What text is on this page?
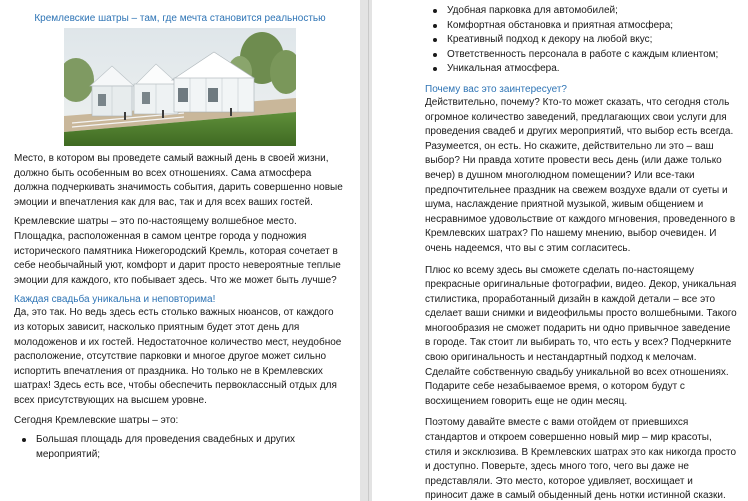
Кремлевские шатры – там, где мечта становится реальностью

Место, в котором вы проведете самый важный день в своей жизни, должно быть особенным во всех отношениях. Сама атмосфера должна подчеркивать значимость события, дарить совершенно новые эмоции и впечатления как для вас, так и для всех ваших гостей.

Кремлевские шатры – это по-настоящему волшебное место. Площадка, расположенная в самом центре города у подножия исторического памятника Нижегородский Кремль, которая сочетает в себе необычайный уют, комфорт и дарит просто невероятные теплые эмоции для каждого, кто побывает здесь. Что же может быть лучше?

Каждая свадьба уникальна и неповторима!

Да, это так. Но ведь здесь есть столько важных нюансов, от каждого из которых зависит, насколько приятным будет этот день для молодоженов и их гостей. Недостаточное количество мест, неудобное расположение, отсутствие парковки и многое другое может сильно испортить впечатления от праздника. Но только не в Кремлевских шатрах! Здесь есть все, чтобы обеспечить первоклассный отдых для всех присутствующих на высшем уровне.

Сегодня Кремлевские шатры – это:

Большая площадь для проведения свадебных и других мероприятий;
Удобная парковка для автомобилей;
Комфортная обстановка и приятная атмосфера;
Креативный подход к декору на любой вкус;
Ответственность персонала в работе с каждым клиентом;
Уникальная атмосфера.
Почему вас это заинтересует?

Действительно, почему? Кто-то может сказать, что сегодня столь огромное количество заведений, предлагающих свои услуги для проведения свадеб и других мероприятий, что выбор есть всегда. Разумеется, он есть. Но скажите, действительно ли это – ваш выбор? Ни правда хотите провести весь день (или даже только вечер) в душном многолюдном помещении? Или все-таки предпочтительнее праздник на свежем воздухе вдали от суеты и шума, наслаждение приятной музыкой, живым общением и несравнимое удовольствие от каждого мгновения, проведенного в Кремлевских шатрах? По нашему мнению, выбор очевиден. И очень надеемся, что вы с этим согласитесь.

Плюс ко всему здесь вы сможете сделать по-настоящему прекрасные оригинальные фотографии, видео. Декор, уникальная стилистика, проработанный дизайн в каждой детали – все это сделает ваши снимки и видеофильмы просто волшебными. Такого многообразия не сможет подарить ни одно привычное заведение в городе. Так стоит ли выбирать то, что есть у всех? Подчеркните свою оригинальность и нестандартный подход к мелочам. Сделайте собственную свадьбу уникальной во всех отношениях. Подарите себе незабываемое время, о котором будут с восхищением говорить еще не один месяц.

Поэтому давайте вместе с вами отойдем от приевшихся стандартов и откроем совершенно новый мир – мир красоты, стиля и эксклюзива. В Кремлевских шатрах это как никогда просто и доступно. Поверьте, здесь много того, чего вы даже не представляли. Это место, которое удивляет, восхищает и приносит даже в самый обыденный день нотки истинной сказки.
